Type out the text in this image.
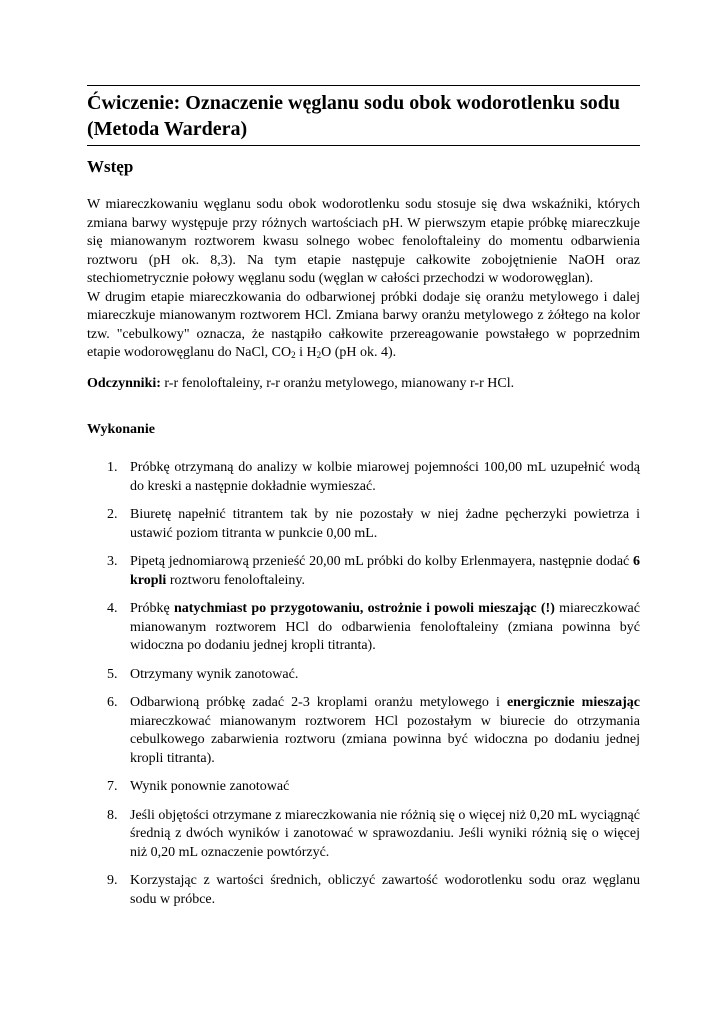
Ćwiczenie: Oznaczenie węglanu sodu obok wodorotlenku sodu (Metoda Wardera)
Wstęp

W miareczkowaniu węglanu sodu obok wodorotlenku sodu stosuje się dwa wskaźniki, których zmiana barwy występuje przy różnych wartościach pH. W pierwszym etapie próbkę miareczkuje się mianowanym roztworem kwasu solnego wobec fenoloftaleiny do momentu odbarwienia roztworu (pH ok. 8,3). Na tym etapie następuje całkowite zobojętnienie NaOH oraz stechiometrycznie połowy węglanu sodu (węglan w całości przechodzi w wodorowęglan).

W drugim etapie miareczkowania do odbarwionej próbki dodaje się oranżu metylowego i dalej miareczkuje mianowanym roztworem HCl. Zmiana barwy oranżu metylowego z żółtego na kolor tzw. "cebulkowy" oznacza, że nastąpiło całkowite przereagowanie powstałego w poprzednim etapie wodorowęglanu do NaCl, $CO_2$ i $H_2O$ (pH ok. 4).

Odczynniki: r-r fenoloftaleiny, r-r oranżu metylowego, mianowany r-r HCl.

Wykonanie
1. Próbkę otrzymaną do analizy w kolbie miarowej pojemności 100,00 mL uzupełnić wodą do kreski a następnie dokładnie wymieszać.
2. Biuretę napełnić titrantem tak by nie pozostały w niej żadne pęcherzyki powietrza i ustawić poziom titranta w punkcie 0,00 mL.
3. Pipetą jednomiarową przenieść 20,00 mL próbki do kolby Erlenmayera, następnie dodać 6 kropli roztworu fenoloftaleiny.
4. Próbkę natychmiast po przygotowaniu, ostrożnie i powoli mieszając (!) miareczkować mianowanym roztworem HCl do odbarwienia fenoloftaleiny (zmiana powinna być widoczna po dodaniu jednej kropli titranta).
5. Otrzymany wynik zanotować.
6. Odbarwioną próbkę zadać 2-3 kroplami oranżu metylowego i energicznie mieszając miareczkować mianowanym roztworem HCl pozostałym w biurecie do otrzymania cebulkowego zabarwienia roztworu (zmiana powinna być widoczna po dodaniu jednej kropli titranta).
7. Wynik ponownie zanotować
8. Jeśli objętości otrzymane z miareczkowania nie różnią się o więcej niż 0,20 mL wyciągnąć średnią z dwóch wyników i zanotować w sprawozdaniu. Jeśli wyniki różnią się o więcej niż 0,20 mL oznaczenie powtórzyć.
9. Korzystając z wartości średnich, obliczyć zawartość wodorotlenku sodu oraz węglanu sodu w próbce.
